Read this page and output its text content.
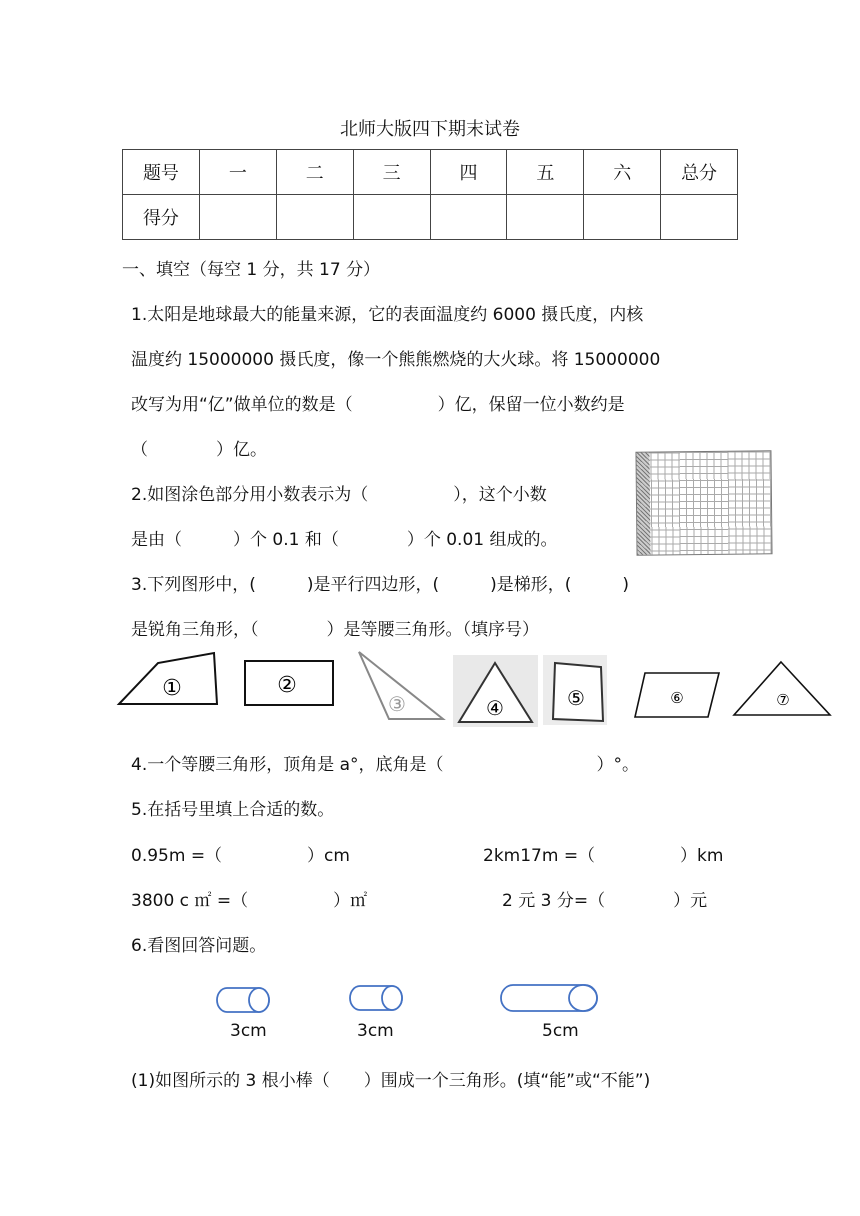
北师大版四下期末试卷
题号	一	二	三	四	五	六	总分
得分							
一、填空（每空 1 分，共 17 分）
1.太阳是地球最大的能量来源，它的表面温度约 6000 摄氏度，内核
温度约 15000000 摄氏度，像一个熊熊燃烧的大火球。将 15000000
改写为用“亿”做单位的数是（　　　　　）亿，保留一位小数约是
（　　　　）亿。
2.如图涂色部分用小数表示为（　　　　　），这个小数
是由（　　　）个 0.1 和（　　　　）个 0.01 组成的。
3.下列图形中，(　　　)是平行四边形，(　　　)是梯形，(　　　)
是锐角三角形，（　　　　）是等腰三角形。（填序号）
①	②
③	④	⑤	⑥	⑦
4.一个等腰三角形，顶角是 a°，底角是（　　　　　　　　　）°。
5.在括号里填上合适的数。
0.95m =（　　　　　）cm	2km17m =（　　　　　）km
3800 c ㎡ =（　　　　　）㎡	2 元 3 分=（　　　　）元
6.看图回答问题。
3cm	3cm	5cm
(1)如图所示的 3 根小棒（　　）围成一个三角形。(填“能”或“不能”)
